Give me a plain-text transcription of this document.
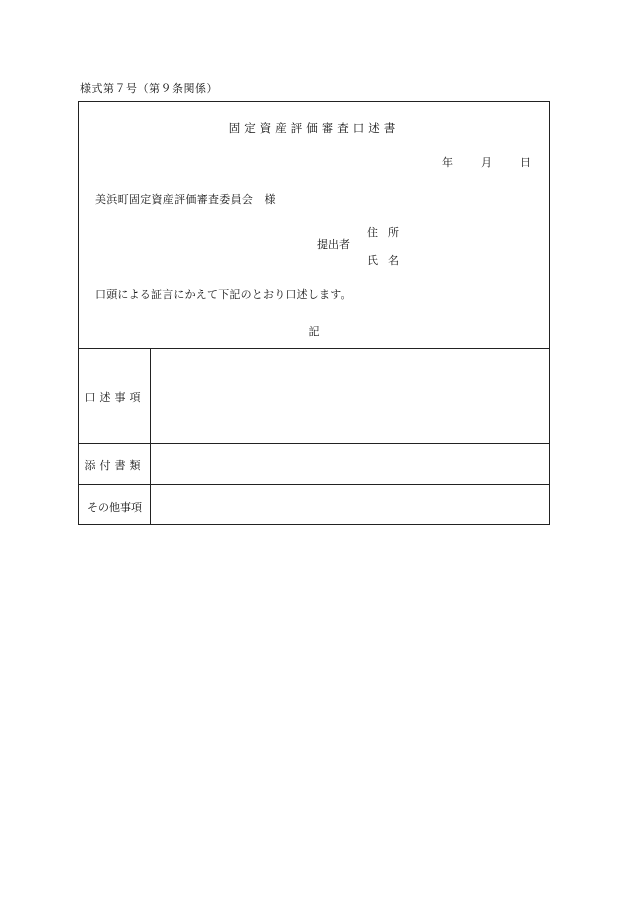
様式第７号（第９条関係）
固定資産評価審査口述書
年	月	日
美浜町固定資産評価審査委員会　様
提出者
住所
氏名
口頭による証言にかえて下記のとおり口述します。
記
口述事項
添付書類
その他事項
